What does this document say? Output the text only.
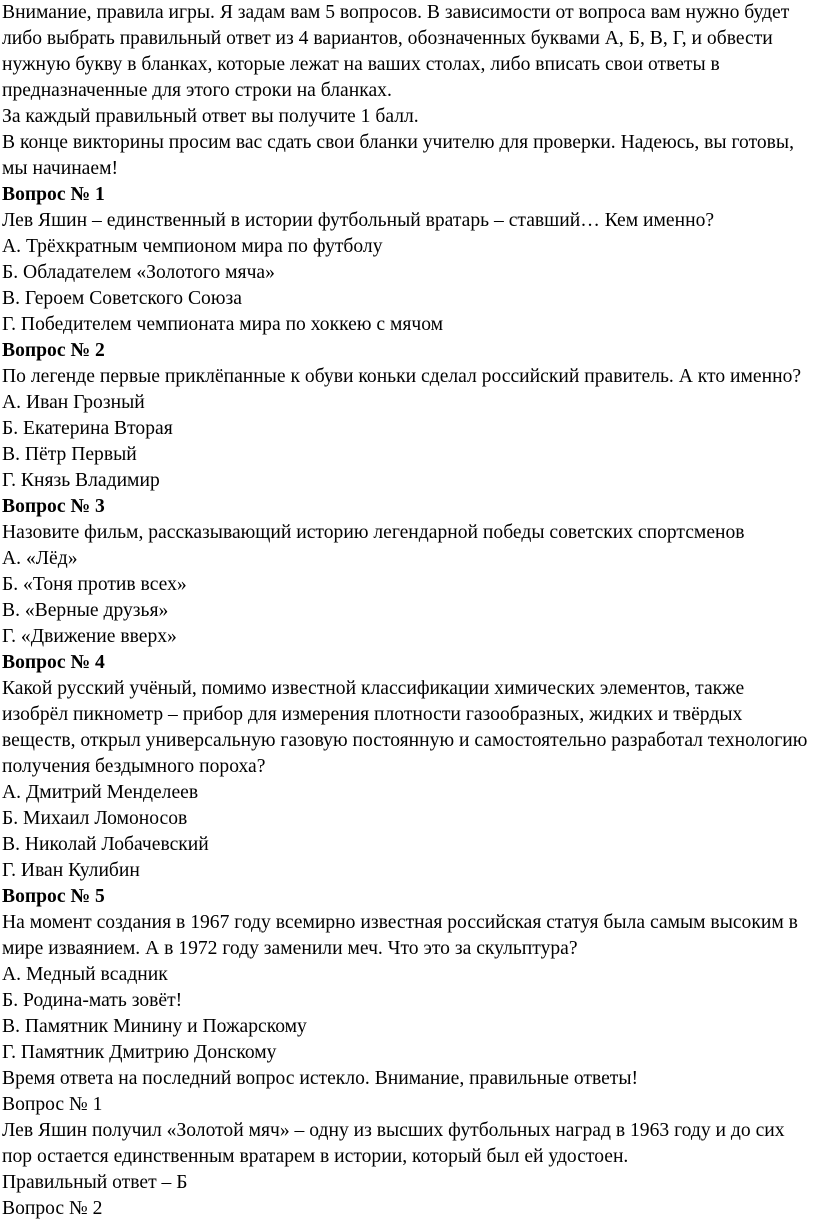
Внимание, правила игры. Я задам вам 5 вопросов. В зависимости от вопроса вам нужно будет либо выбрать правильный ответ из 4 вариантов, обозначенных буквами А, Б, В, Г, и обвести нужную букву в бланках, которые лежат на ваших столах, либо вписать свои ответы в предназначенные для этого строки на бланках.

За каждый правильный ответ вы получите 1 балл.

В конце викторины просим вас сдать свои бланки учителю для проверки. Надеюсь, вы готовы, мы начинаем!

Вопрос № 1

Лев Яшин – единственный в истории футбольный вратарь – ставший… Кем именно?

А. Трёхкратным чемпионом мира по футболу

Б. Обладателем «Золотого мяча»

В. Героем Советского Союза

Г. Победителем чемпионата мира по хоккею с мячом

Вопрос № 2

По легенде первые приклёпанные к обуви коньки сделал российский правитель. А кто именно?

А. Иван Грозный

Б. Екатерина Вторая

В. Пётр Первый

Г. Князь Владимир

Вопрос № 3

Назовите фильм, рассказывающий историю легендарной победы советских спортсменов

А. «Лёд»

Б. «Тоня против всех»

В. «Верные друзья»

Г. «Движение вверх»

Вопрос № 4

Какой русский учёный, помимо известной классификации химических элементов, также изобрёл пикнометр – прибор для измерения плотности газообразных, жидких и твёрдых веществ, открыл универсальную газовую постоянную и самостоятельно разработал технологию получения бездымного пороха?

А. Дмитрий Менделеев

Б. Михаил Ломоносов

В. Николай Лобачевский

Г. Иван Кулибин

Вопрос № 5

На момент создания в 1967 году всемирно известная российская статуя была самым высоким в мире изваянием. А в 1972 году заменили меч. Что это за скульптура?

А. Медный всадник

Б. Родина-мать зовёт!

В. Памятник Минину и Пожарскому

Г. Памятник Дмитрию Донскому

Время ответа на последний вопрос истекло. Внимание, правильные ответы!

Вопрос № 1

Лев Яшин получил «Золотой мяч» – одну из высших футбольных наград в 1963 году и до сих пор остается единственным вратарем в истории, который был ей удостоен.

Правильный ответ – Б

Вопрос № 2
